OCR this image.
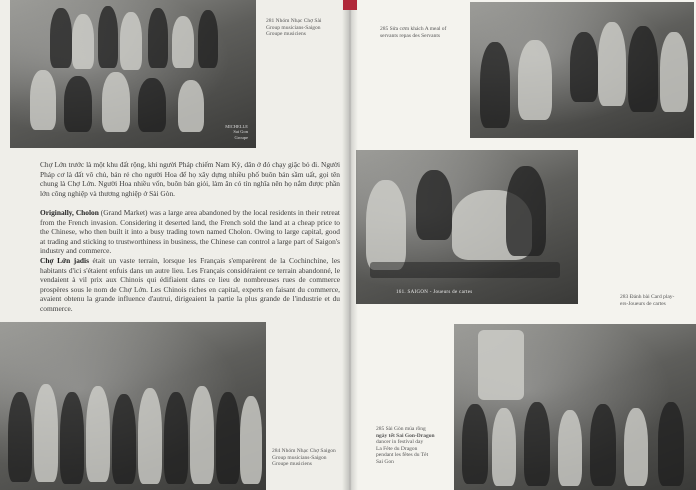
MICHELLE
Sai Gon
Groupe
281 Nhóm Nhạc Chợ Sài
Group musicians-Saigon
Groupe musiciens
Chợ Lớn trước là một khu đất rộng, khi người Pháp chiếm Nam Kỳ, dân ở đó chạy giặc bỏ đi. Người Pháp cơ là đất vô chủ, bán rẻ cho người Hoa để họ xây dựng nhiều phố buôn bán sầm uất, gọi tên chung là Chợ Lớn. Người Hoa nhiều vốn, buôn bán giỏi, làm ăn có tín nghĩa nên họ nắm được phần lớn công nghiệp và thương nghiệp ở Sài Gòn.
Originally, Cholon (Grand Market) was a large area abandoned by the local residents in their retreat from the French invasion. Considering it deserted land, the French sold the land at a cheap price to the Chinese, who then built it into a busy trading town named Cholon. Owing to large capital, good at trading and sticking to trustworthiness in business, the Chinese can control a large part of Saigon's industry and commerce.
Chợ Lớn jadis était un vaste terrain, lorsque les Français s'emparèrent de la Cochinchine, les habitants d'ici s'étaient enfuis dans un autre lieu. Les Français considéraient ce terrain abandonné, le vendaient à vil prix aux Chinois qui édifiaient dans ce lieu de nombreuses rues de commerce prospères sous le nom de Chợ Lớn. Les Chinois riches en capital, experts en faisant du commerce, avaient obtenu la grande influence d'autrui, dirigeaient la partie la plus grande de l'industrie et du commerce.
284 Nhóm Nhạc Chợ Saigon
Group musicians-Saigon
Groupe musiciens
285 Sửa cơm khách A meal of
servants repas des Servants
161. SAIGON - Joueurs de cartes
283 Đánh bài Card play-
ers-Joueurs de cartes
285 Sài Gòn múa rồng
ngày tết Sai Gon-Dragon
dancer in festival day
La Fête du Dragon
pendant les fêtes du Têt
Sai Gon
